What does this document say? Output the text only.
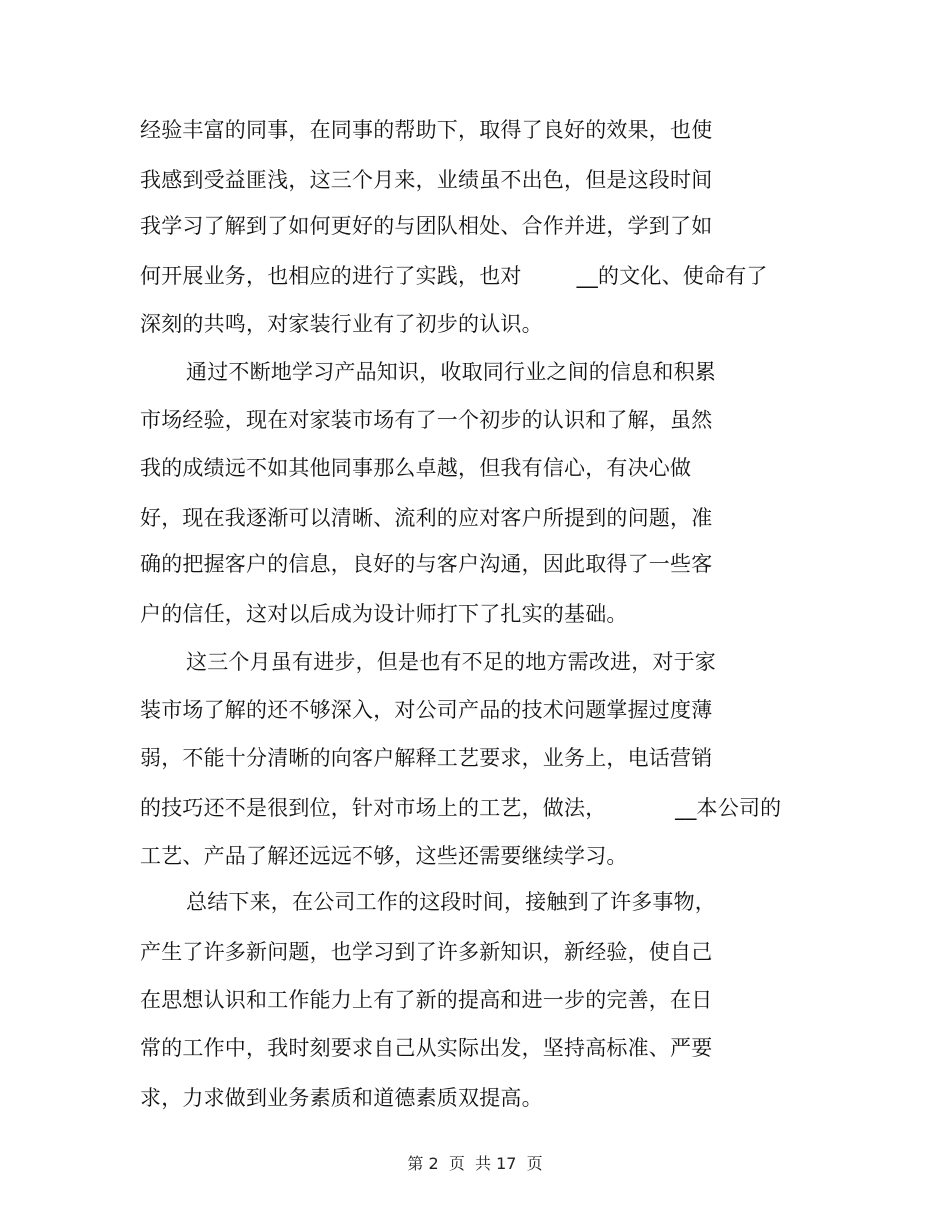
经验丰富的同事，在同事的帮助下，取得了良好的效果，也使
我感到受益匪浅，这三个月来，业绩虽不出色，但是这段时间
我学习了解到了如何更好的与团队相处、合作并进，学到了如
何开展业务，也相应的进行了实践，也对        __的文化、使命有了
深刻的共鸣，对家装行业有了初步的认识。
通过不断地学习产品知识，收取同行业之间的信息和积累
市场经验，现在对家装市场有了一个初步的认识和了解，虽然
我的成绩远不如其他同事那么卓越，但我有信心，有决心做
好，现在我逐渐可以清晰、流利的应对客户所提到的问题，准
确的把握客户的信息，良好的与客户沟通，因此取得了一些客
户的信任，这对以后成为设计师打下了扎实的基础。
这三个月虽有进步，但是也有不足的地方需改进，对于家
装市场了解的还不够深入，对公司产品的技术问题掌握过度薄
弱，不能十分清晰的向客户解释工艺要求，业务上，电话营销
的技巧还不是很到位，针对市场上的工艺，做法，          __本公司的
工艺、产品了解还远远不够，这些还需要继续学习。
总结下来，在公司工作的这段时间，接触到了许多事物，
产生了许多新问题，也学习到了许多新知识，新经验，使自己
在思想认识和工作能力上有了新的提高和进一步的完善，在日
常的工作中，我时刻要求自己从实际出发，坚持高标准、严要
求，力求做到业务素质和道德素质双提高。
第 2  页  共 17  页
